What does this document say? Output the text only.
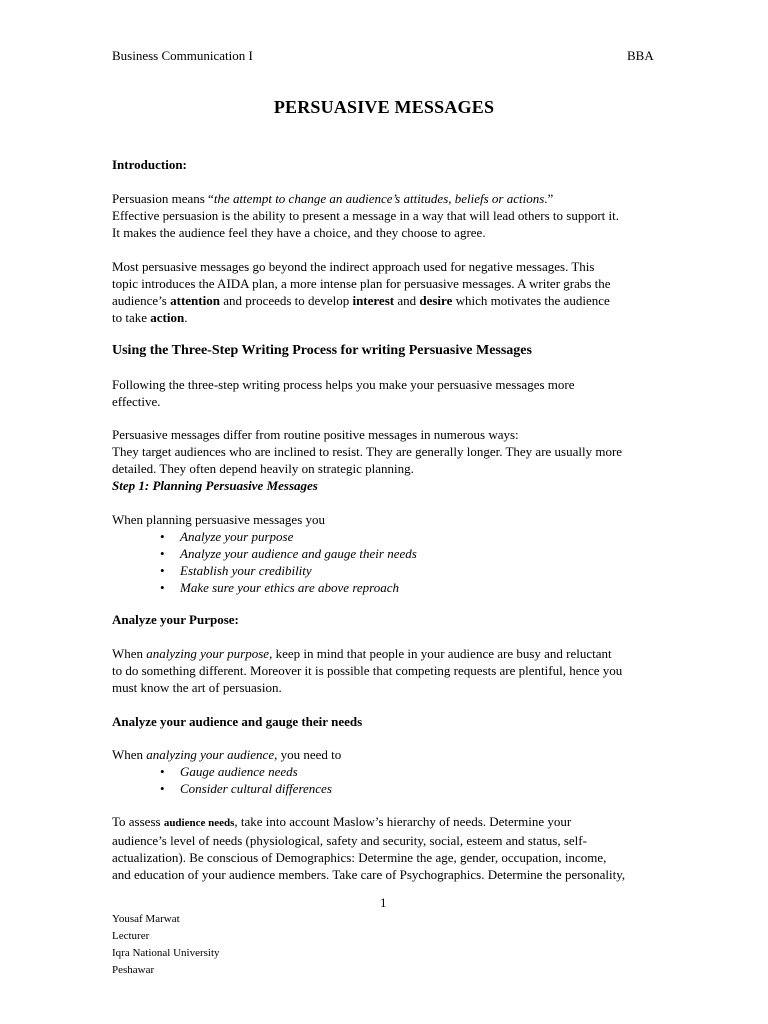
Business Communication I	BBA
PERSUASIVE MESSAGES
Introduction:

Persuasion means “the attempt to change an audience’s attitudes, beliefs or actions.”

Effective persuasion is the ability to present a message in a way that will lead others to support it.

It makes the audience feel they have a choice, and they choose to agree.

Most persuasive messages go beyond the indirect approach used for negative messages. This

topic introduces the AIDA plan, a more intense plan for persuasive messages. A writer grabs the

audience’s attention and proceeds to develop interest and desire which motivates the audience

to take action.

Using the Three-Step Writing Process for writing Persuasive Messages

Following the three-step writing process helps you make your persuasive messages more

effective.

Persuasive messages differ from routine positive messages in numerous ways:

They target audiences who are inclined to resist. They are generally longer. They are usually more

detailed. They often depend heavily on strategic planning.

Step 1: Planning Persuasive Messages
When planning persuasive messages you
• Analyze your purpose
• Analyze your audience and gauge their needs
• Establish your credibility
• Make sure your ethics are above reproach
Analyze your Purpose:

When analyzing your purpose, keep in mind that people in your audience are busy and reluctant

to do something different. Moreover it is possible that competing requests are plentiful, hence you

must know the art of persuasion.

Analyze your audience and gauge their needs

When analyzing your audience, you need to

• Gauge audience needs
• Consider cultural differences

To assess audience needs, take into account Maslow’s hierarchy of needs. Determine your

audience’s level of needs (physiological, safety and security, social, esteem and status, self-

actualization). Be conscious of Demographics: Determine the age, gender, occupation, income,

and education of your audience members. Take care of Psychographics. Determine the personality,

1
Yousaf Marwat
Lecturer
Iqra National University
Peshawar
